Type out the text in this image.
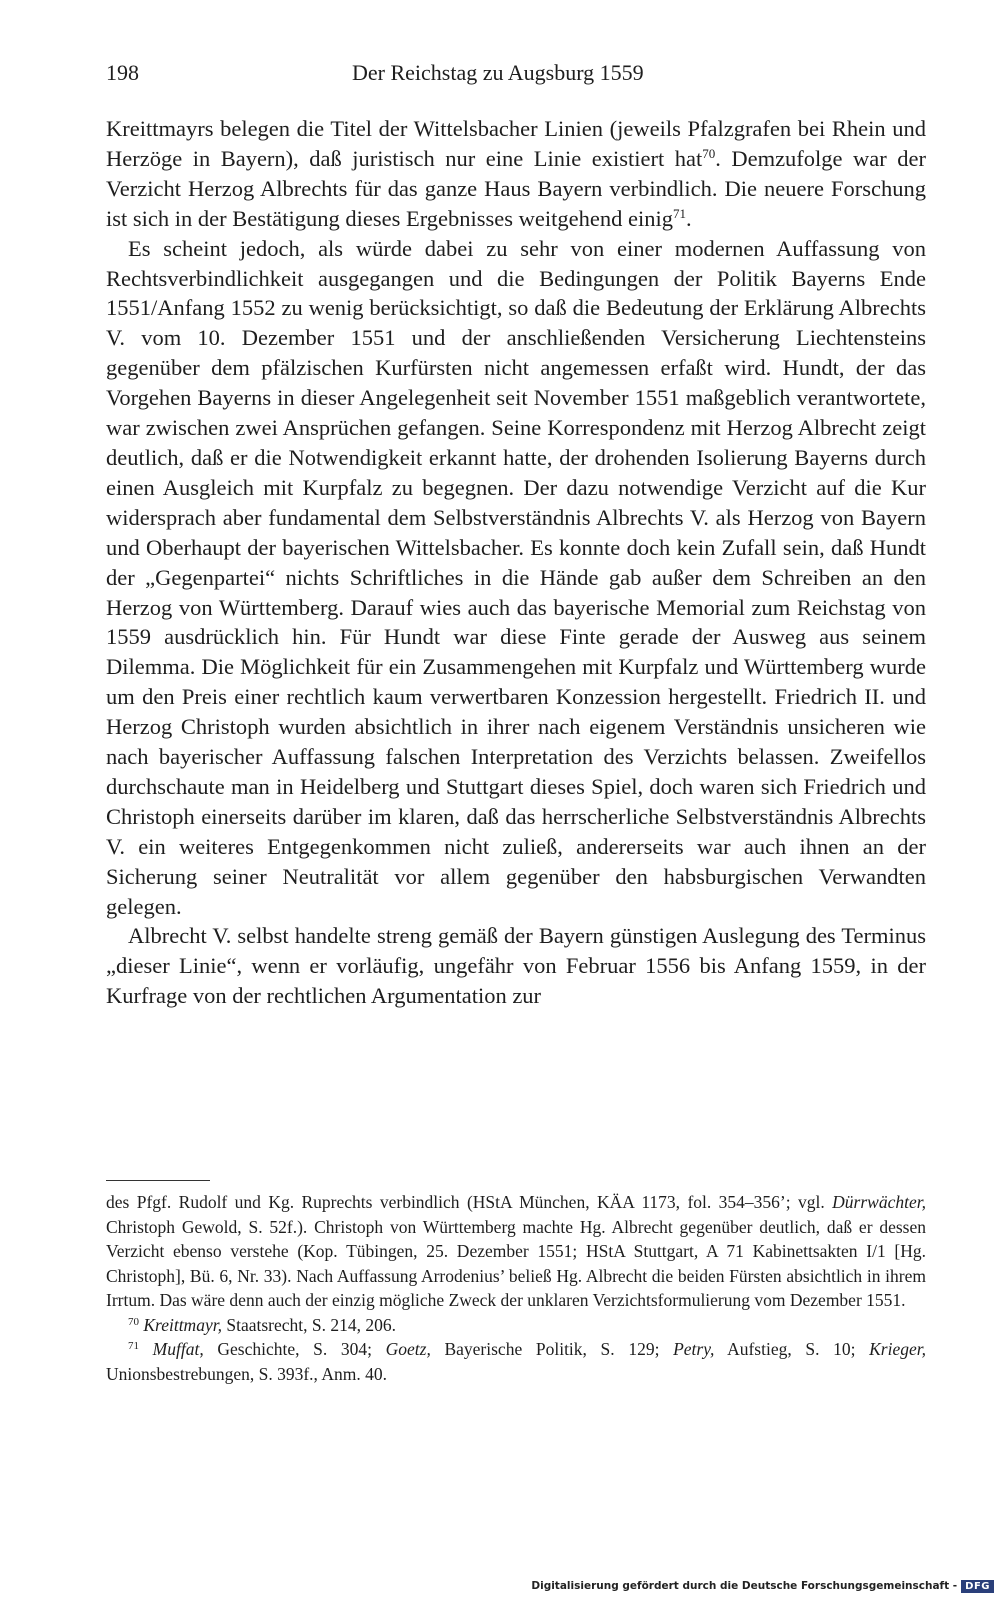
198	Der Reichstag zu Augsburg 1559

Kreittmayrs belegen die Titel der Wittelsbacher Linien (jeweils Pfalzgrafen bei Rhein und Herzöge in Bayern), daß juristisch nur eine Linie existiert hat$^{70}$. Demzufolge war der Verzicht Herzog Albrechts für das ganze Haus Bayern verbindlich. Die neuere Forschung ist sich in der Bestätigung dieses Ergebnisses weitgehend einig$^{71}$.

Es scheint jedoch, als würde dabei zu sehr von einer modernen Auffassung von Rechtsverbindlichkeit ausgegangen und die Bedingungen der Politik Bayerns Ende 1551/Anfang 1552 zu wenig berücksichtigt, so daß die Bedeutung der Erklärung Albrechts V. vom 10. Dezember 1551 und der anschließenden Versicherung Liechtensteins gegenüber dem pfälzischen Kurfürsten nicht angemessen erfaßt wird. Hundt, der das Vorgehen Bayerns in dieser Angelegenheit seit November 1551 maßgeblich verantwortete, war zwischen zwei Ansprüchen gefangen. Seine Korrespondenz mit Herzog Albrecht zeigt deutlich, daß er die Notwendigkeit erkannt hatte, der drohenden Isolierung Bayerns durch einen Ausgleich mit Kurpfalz zu begegnen. Der dazu notwendige Verzicht auf die Kur widersprach aber fundamental dem Selbstverständnis Albrechts V. als Herzog von Bayern und Oberhaupt der bayerischen Wittelsbacher. Es konnte doch kein Zufall sein, daß Hundt der „Gegenpartei“ nichts Schriftliches in die Hände gab außer dem Schreiben an den Herzog von Württemberg. Darauf wies auch das bayerische Memorial zum Reichstag von 1559 ausdrücklich hin. Für Hundt war diese Finte gerade der Ausweg aus seinem Dilemma. Die Möglichkeit für ein Zusammengehen mit Kurpfalz und Württemberg wurde um den Preis einer rechtlich kaum verwertbaren Konzession hergestellt. Friedrich II. und Herzog Christoph wurden absichtlich in ihrer nach eigenem Verständnis unsicheren wie nach bayerischer Auffassung falschen Interpretation des Verzichts belassen. Zweifellos durchschaute man in Heidelberg und Stuttgart dieses Spiel, doch waren sich Friedrich und Christoph einerseits darüber im klaren, daß das herrscherliche Selbstverständnis Albrechts V. ein weiteres Entgegenkommen nicht zuließ, andererseits war auch ihnen an der Sicherung seiner Neutralität vor allem gegenüber den habsburgischen Verwandten gelegen.

Albrecht V. selbst handelte streng gemäß der Bayern günstigen Auslegung des Terminus „dieser Linie“, wenn er vorläufig, ungefähr von Februar 1556 bis Anfang 1559, in der Kurfrage von der rechtlichen Argumentation zur

des Pfgf. Rudolf und Kg. Ruprechts verbindlich (HStA München, KÄA 1173, fol. 354–356’; vgl. Dürrwächter, Christoph Gewold, S. 52f.). Christoph von Württemberg machte Hg. Albrecht gegenüber deutlich, daß er dessen Verzicht ebenso verstehe (Kop. Tübingen, 25. Dezember 1551; HStA Stuttgart, A 71 Kabinettsakten I/1 [Hg. Christoph], Bü. 6, Nr. 33). Nach Auffassung Arrodenius’ beließ Hg. Albrecht die beiden Fürsten absichtlich in ihrem Irrtum. Das wäre denn auch der einzig mögliche Zweck der unklaren Verzichtsformulierung vom Dezember 1551.

$^{70}$ Kreittmayr, Staatsrecht, S. 214, 206.

$^{71}$ Muffat, Geschichte, S. 304; Goetz, Bayerische Politik, S. 129; Petry, Aufstieg, S. 10; Krieger, Unionsbestrebungen, S. 393f., Anm. 40.

Digitalisierung gefördert durch die Deutsche Forschungsgemeinschaft - DFG
